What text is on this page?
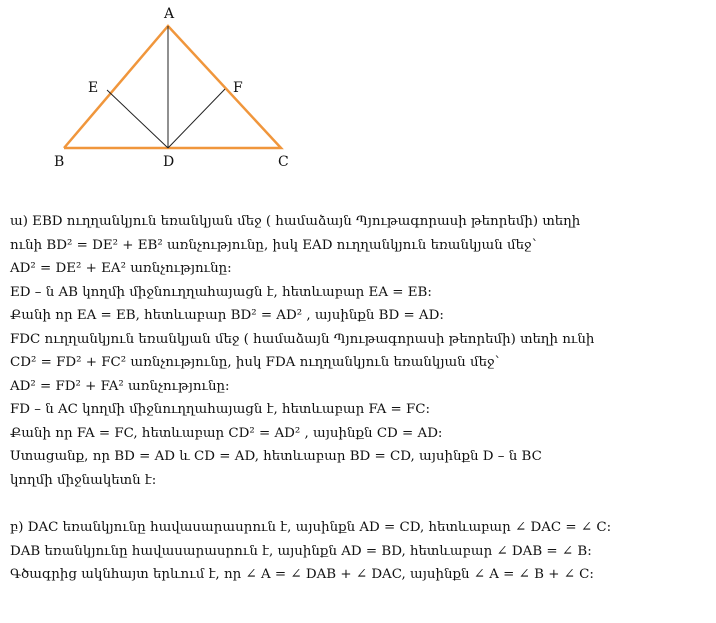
A
B	C
D
E	F
ա) EBD ուղղանկյուն եռանկյան մեջ ( համաձայն Պյութագորասի թեորեմի) տեղի
ունի BD² = DE² + EB² առնչությունը, իսկ EAD ուղղանկյուն եռանկյան մեջ՝
AD² = DE² + EA² առնչությունը:
ED – ն AB կողմի միջնուղղահայացն է, հետևաբար EA = EB:
Քանի որ EA = EB, հետևաբար BD² = AD² , այսինքն BD = AD:
FDC ուղղանկյուն եռանկյան մեջ ( համաձայն Պյութագորասի թեորեմի) տեղի ունի
CD² = FD² + FC² առնչությունը, իսկ FDA ուղղանկյուն եռանկյան մեջ՝
AD² = FD² + FA² առնչությունը:
FD – ն AC կողմի միջնուղղահայացն է, հետևաբար FA = FC:
Քանի որ FA = FC, հետևաբար CD² = AD² , այսինքն CD = AD:
Ստացանք, որ BD = AD և CD = AD, հետևաբար BD = CD, այսինքն D – ն BC
կողմի միջնակետն է:
բ) DAC եռանկյունը հավասարասրուն է, այսինքն AD = CD, հետևաբար ∠ DAC = ∠ C:
DAB եռանկյունը հավասարասրուն է, այսինքն AD = BD, հետևաբար ∠ DAB = ∠ B:
Գծագրից ակնհայտ երևում է, որ ∠ A = ∠ DAB + ∠ DAC, այսինքն ∠ A = ∠ B + ∠ C:
